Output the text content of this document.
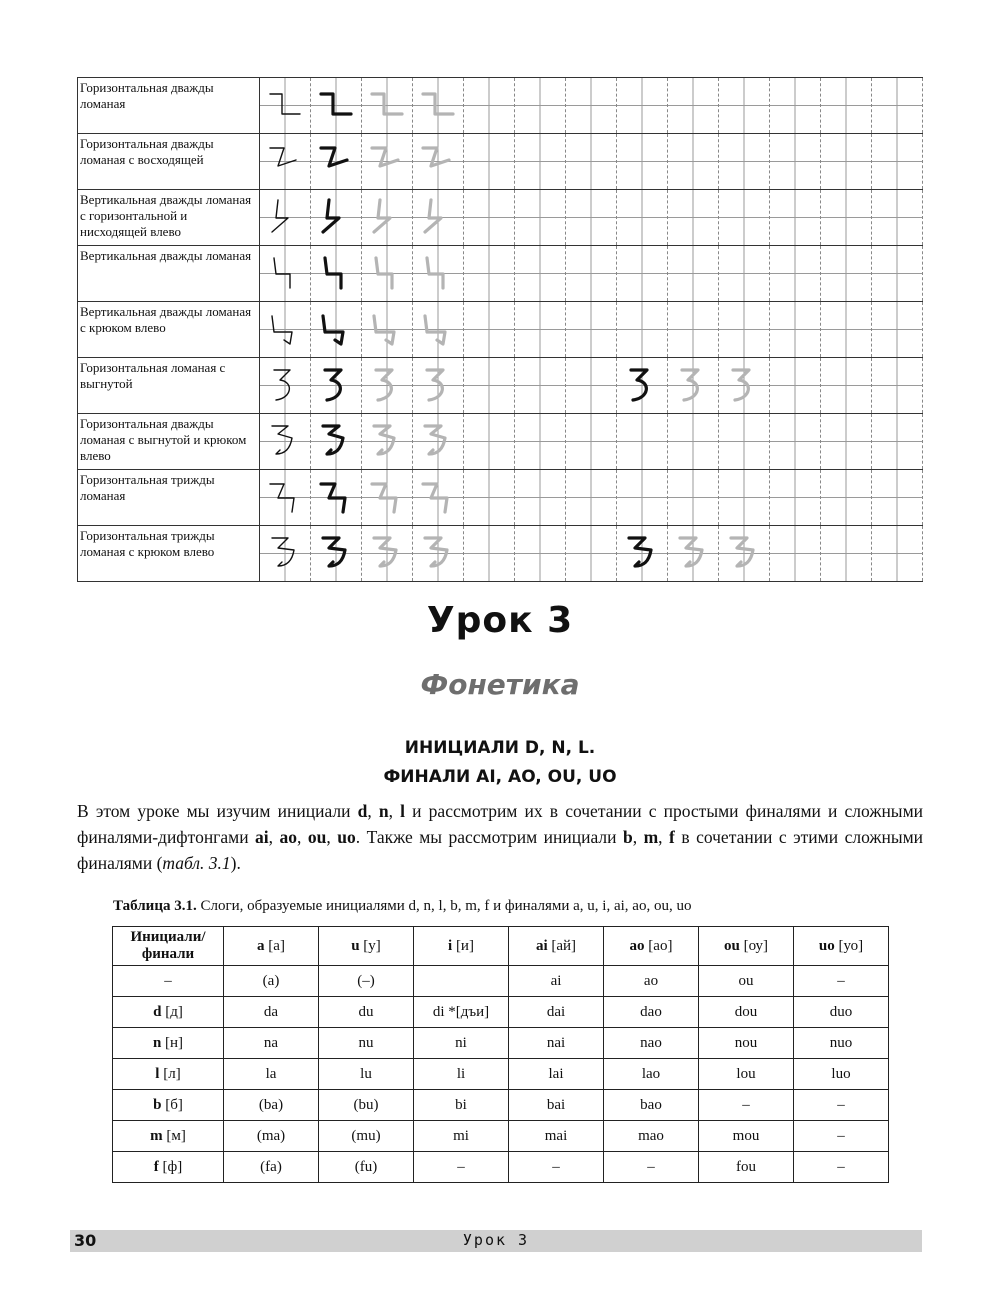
Горизонтальная дважды ломаная	

Горизонтальная дважды ломаная с восходящей	

Вертикальная дважды ломаная с горизонтальной и нисходящей влево	

Вертикальная дважды ломаная	

Вертикальная дважды ломаная с крюком влево	

Горизонтальная ломаная с выгнутой	

Горизонтальная дважды ломаная с выгнутой и крюком влево	

Горизонтальная трижды ломаная	

Горизонтальная трижды ломаная с крюком влево	

Урок 3
Фонетика
ИНИЦИАЛИ D, N, L.
ФИНАЛИ AI, AO, OU, UO

В этом уроке мы изучим инициали d, n, l и рассмотрим их в сочетании с простыми финалями и сложными финалями-дифтонгами ai, ao, ou, uo. Также мы рассмотрим инициали b, m, f в сочетании с этими сложными финалями (табл. 3.1).

Таблица 3.1. Слоги, образуемые инициалями d, n, l, b, m, f и финалями a, u, i, ai, ao, ou, uo

Инициали/
финали	a [а]	u [у]	i [и]	ai [ай]	ao [ао]	ou [оу]	uo [уо]
–	(a)	(–)		ai	ao	ou	–
d [д]	da	du	di *[дъи]	dai	dao	dou	duo
n [н]	na	nu	ni	nai	nao	nou	nuo
l [л]	la	lu	li	lai	lao	lou	luo
b [б]	(ba)	(bu)	bi	bai	bao	–	–
m [м]	(ma)	(mu)	mi	mai	mao	mou	–
f [ф]	(fa)	(fu)	–	–	–	fou	–
30	Урок 3
